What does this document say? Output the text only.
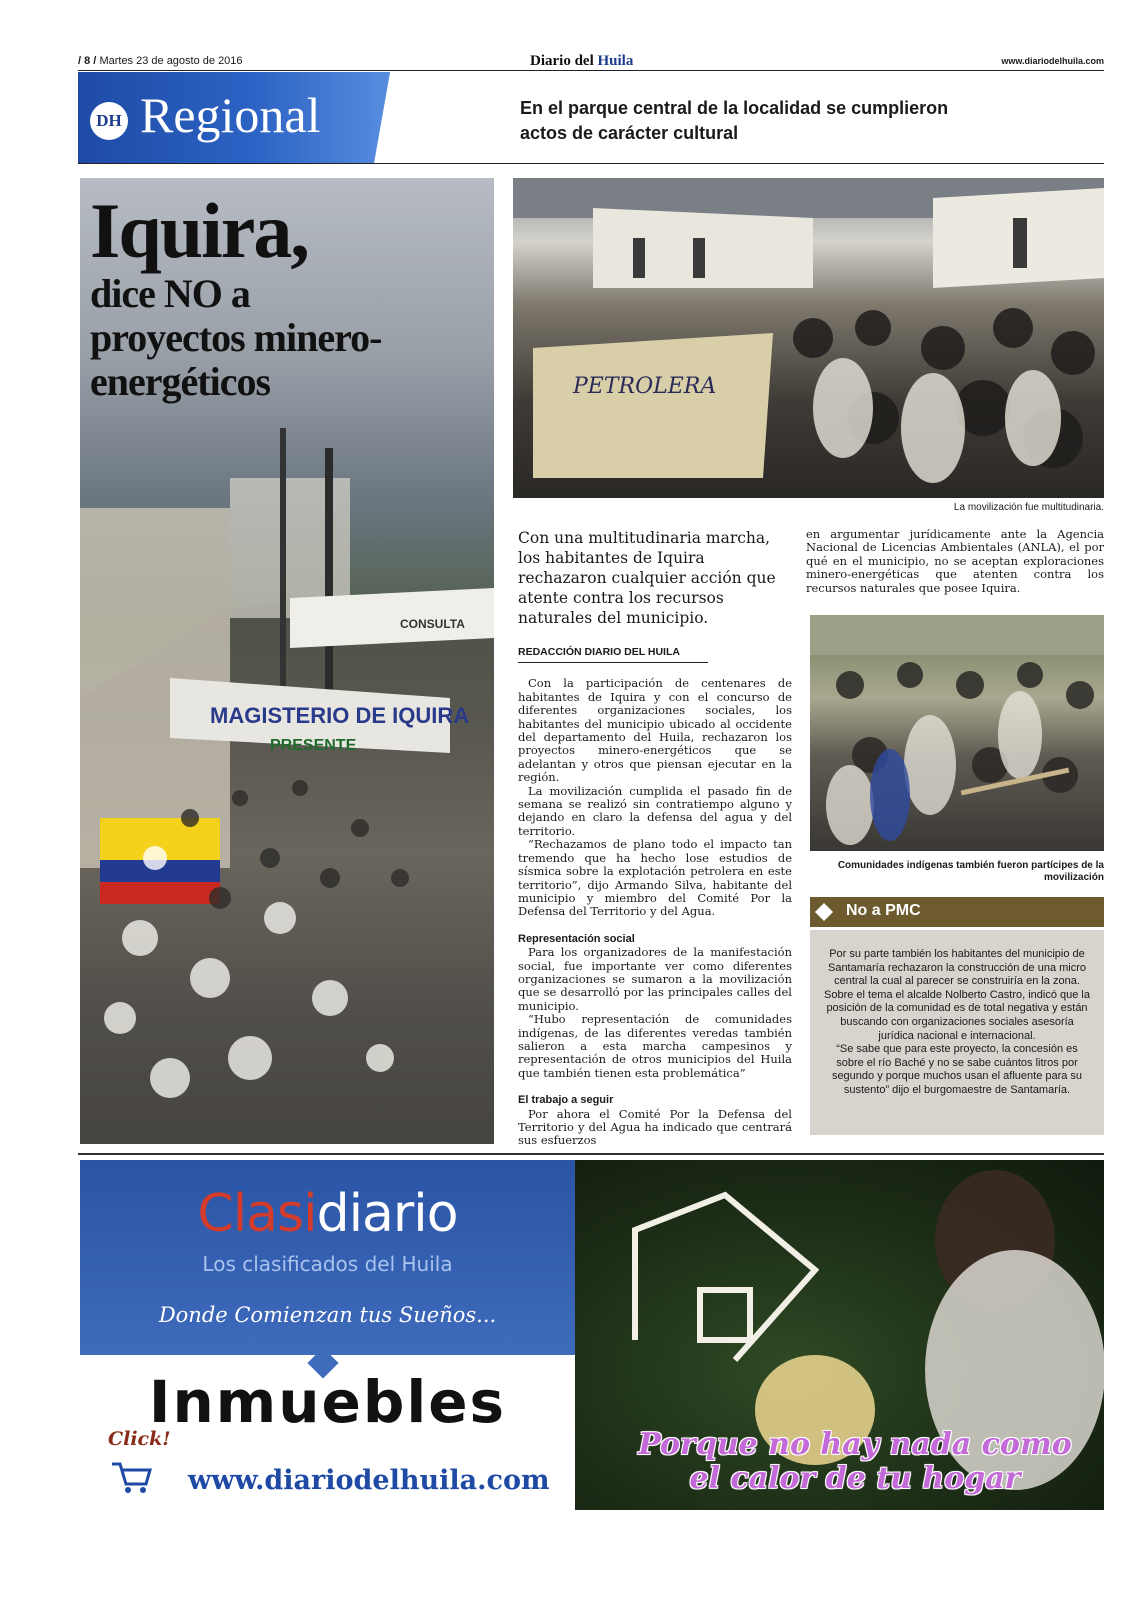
/ 8 / Martes 23 de agosto de 2016	Diario del Huila	www.diariodelhuila.com
DH Regional	En el parque central de la localidad se cumplieron actos de carácter cultural
MAGISTERIO DE IQUIRA
PRESENTE
CONSULTA
Iquira,
dice NO a
proyectos minero-
energéticos	PETROLERA
La movilización fue multitudinaria.

Con una multitudinaria marcha, los habitantes de Iquira rechazaron cualquier acción que atente contra los recursos naturales del municipio.

REDACCIÓN DIARIO DEL HUILA

Con la participación de centenares de habitantes de Iquira y con el concurso de diferentes organizaciones sociales, los habitantes del municipio ubicado al occidente del departamento del Huila, rechazaron los proyectos minero-energéticos que se adelantan y otros que piensan ejecutar en la región.

La movilización cumplida el pasado fin de semana se realizó sin contratiempo alguno y dejando en claro la defensa del agua y del territorio.

“Rechazamos de plano todo el impacto tan tremendo que ha hecho lose estudios de sísmica sobre la explotación petrolera en este territorio”, dijo Armando Silva, habitante del municipio y miembro del Comité Por la Defensa del Territorio y del Agua.

Representación social

Para los organizadores de la manifestación social, fue importante ver como diferentes organizaciones se sumaron a la movilización que se desarrolló por las principales calles del municipio.

“Hubo representación de comunidades indígenas, de las diferentes veredas también salieron a esta marcha campesinos y representación de otros municipios del Huila que también tienen esta problemática”

El trabajo a seguir

Por ahora el Comité Por la Defensa del Territorio y del Agua ha indicado que centrará sus esfuerzos

en argumentar jurídicamente ante la Agencia Nacional de Licencias Ambientales (ANLA), el por qué en el municipio, no se aceptan exploraciones minero-energéticas que atenten contra los recursos naturales que posee Iquira.

Comunidades indígenas también fueron partícipes de la movilización
No a PMC

Por su parte también los habitantes del municipio de Santamaría rechazaron la construcción de una micro central la cual al parecer se construiría en la zona. Sobre el tema el alcalde Nolberto Castro, indicó que la posición de la comunidad es de total negativa y están buscando con organizaciones sociales asesoría jurídica nacional e internacional.

“Se sabe que para este proyecto, la concesión es sobre el río Baché y no se sabe cuántos litros por segundo y porque muchos usan el afluente para su sustento” dijo el burgomaestre de Santamaría.

Clasidiario
Los clasificados del Huila
Donde Comienzan tus Sueños...
Inmuebles
Click!
www.diariodelhuila.com
Porque no hay nada como el calor de tu hogar
